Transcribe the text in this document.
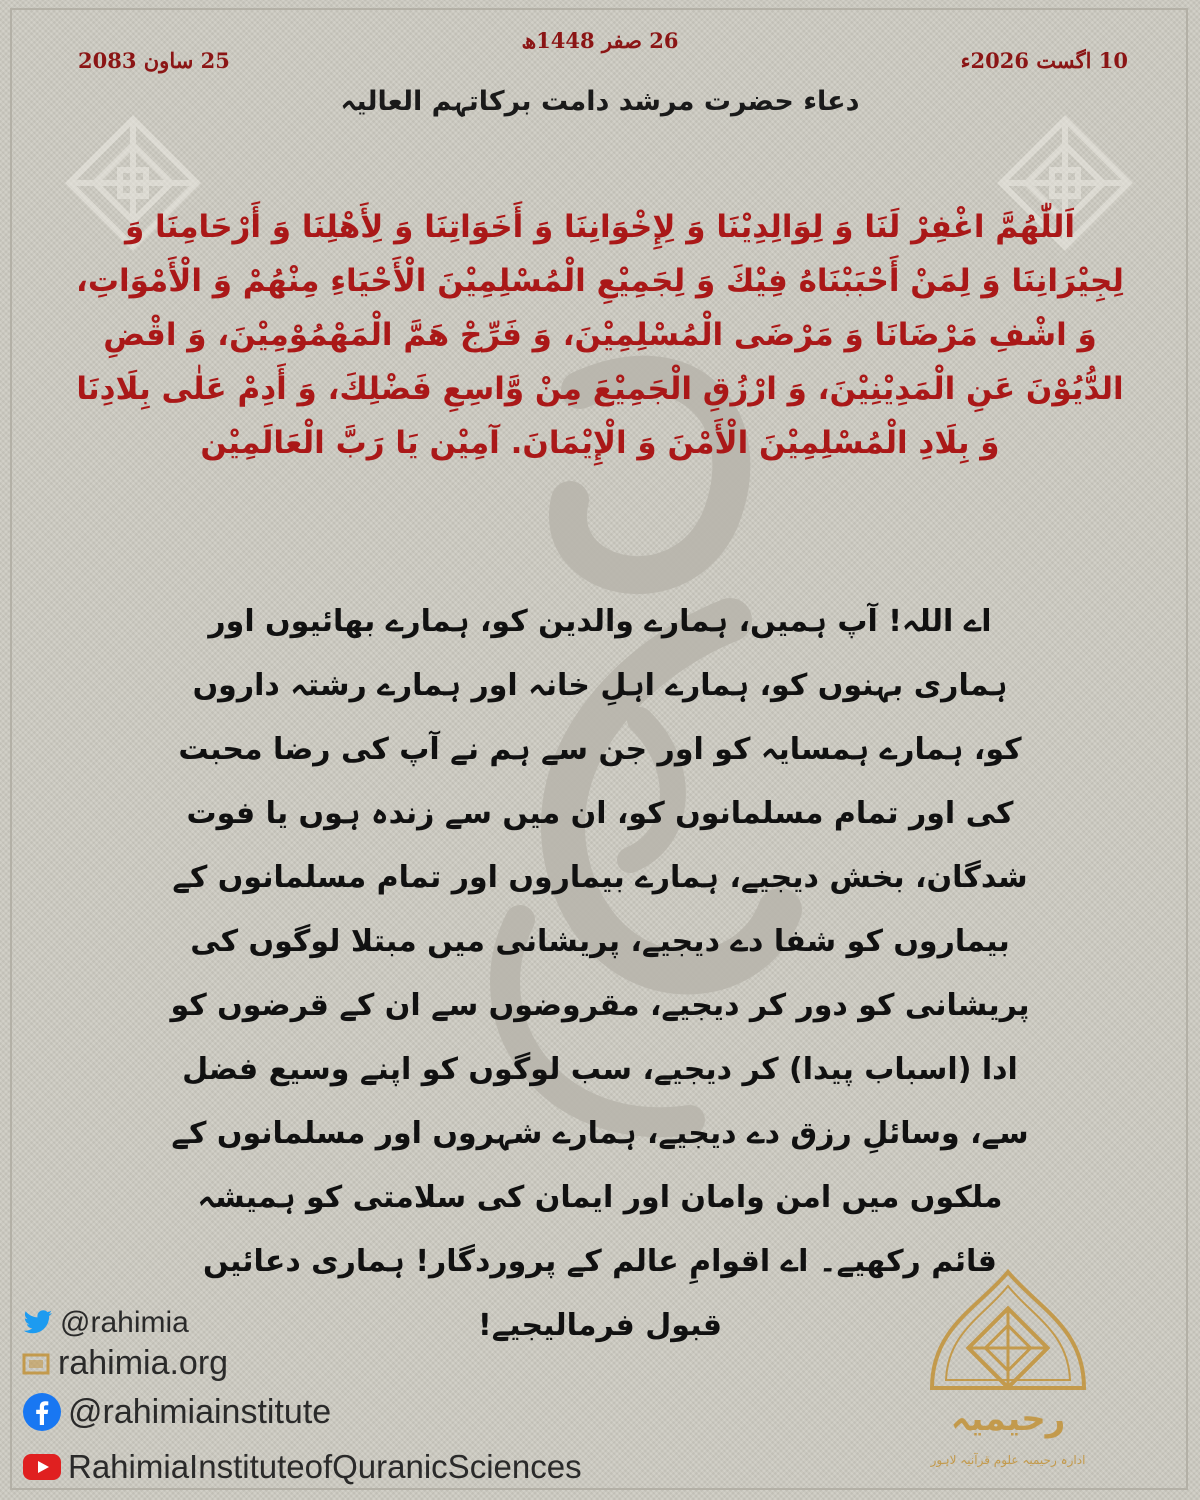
26 صفر 1448ھ
10 اگست 2026ء
25 ساون 2083
دعاء حضرت مرشد دامت برکاتہم العالیہ
اَللّٰهُمَّ اغْفِرْ لَنَا وَ لِوَالِدِيْنَا وَ لِإِخْوَانِنَا وَ أَخَوَاتِنَا وَ لِأَهْلِنَا وَ أَرْحَامِنَا وَ لِجِيْرَانِنَا وَ لِمَنْ أَحْبَبْنَاهُ فِيْكَ وَ لِجَمِيْعِ الْمُسْلِمِيْنَ الْأَحْيَاءِ مِنْهُمْ وَ الْأَمْوَاتِ، وَ اشْفِ مَرْضَانَا وَ مَرْضَى الْمُسْلِمِيْنَ، وَ فَرِّجْ هَمَّ الْمَهْمُوْمِيْنَ، وَ اقْضِ الدُّيُوْنَ عَنِ الْمَدِيْنِيْنَ، وَ ارْزُقِ الْجَمِيْعَ مِنْ وَّاسِعِ فَضْلِكَ، وَ أَدِمْ عَلٰى بِلَادِنَا وَ بِلَادِ الْمُسْلِمِيْنَ الْأَمْنَ وَ الْإِيْمَانَ. آمِيْن يَا رَبَّ الْعَالَمِيْن
اے اللہ! آپ ہمیں، ہمارے والدین کو، ہمارے بھائیوں اور ہماری بہنوں کو، ہمارے اہلِ خانہ اور ہمارے رشتہ داروں کو، ہمارے ہمسایہ کو اور جن سے ہم نے آپ کی رضا محبت کی اور تمام مسلمانوں کو، ان میں سے زندہ ہوں یا فوت شدگان، بخش دیجیے، ہمارے بیماروں اور تمام مسلمانوں کے بیماروں کو شفا دے دیجیے، پریشانی میں مبتلا لوگوں کی پریشانی کو دور کر دیجیے، مقروضوں سے ان کے قرضوں کو ادا (اسباب پیدا) کر دیجیے، سب لوگوں کو اپنے وسیع فضل سے، وسائلِ رزق دے دیجیے، ہمارے شہروں اور مسلمانوں کے ملکوں میں امن وامان اور ایمان کی سلامتی کو ہمیشہ قائم رکھیے۔ اے اقوامِ عالم کے پروردگار! ہماری دعائیں قبول فرمالیجیے!
@rahimia
rahimia.org
@rahimiainstitute
RahimiaInstituteofQuranicSciences
رحیمیہ
ادارہ رحیمیہ علوم قرآنیہ لاہور
